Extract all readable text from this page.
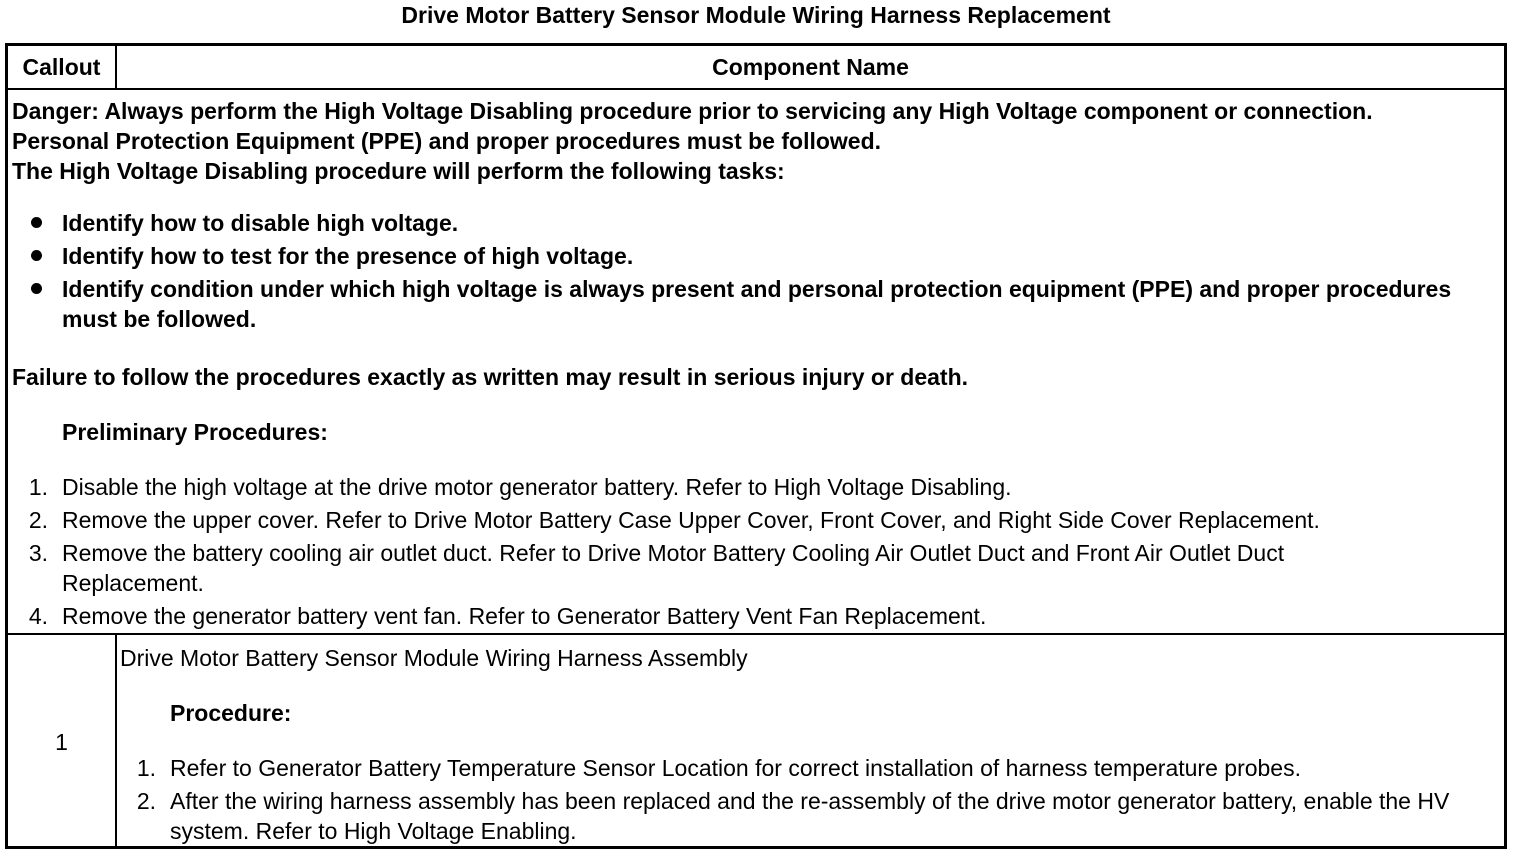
Drive Motor Battery Sensor Module Wiring Harness Replacement
Callout	Component Name
Danger: Always perform the High Voltage Disabling procedure prior to servicing any High Voltage component or connection.
Personal Protection Equipment (PPE) and proper procedures must be followed.
The High Voltage Disabling procedure will perform the following tasks:
Identify how to disable high voltage.
Identify how to test for the presence of high voltage.
Identify condition under which high voltage is always present and personal protection equipment (PPE) and proper procedures must be followed.
Failure to follow the procedures exactly as written may result in serious injury or death.
Preliminary Procedures:
1. Disable the high voltage at the drive motor generator battery. Refer to High Voltage Disabling.
2. Remove the upper cover. Refer to Drive Motor Battery Case Upper Cover, Front Cover, and Right Side Cover Replacement.
3. Remove the battery cooling air outlet duct. Refer to Drive Motor Battery Cooling Air Outlet Duct and Front Air Outlet Duct Replacement.
4. Remove the generator battery vent fan. Refer to Generator Battery Vent Fan Replacement.
1
Drive Motor Battery Sensor Module Wiring Harness Assembly
Procedure:
1. Refer to Generator Battery Temperature Sensor Location for correct installation of harness temperature probes.
2. After the wiring harness assembly has been replaced and the re-assembly of the drive motor generator battery, enable the HV system. Refer to High Voltage Enabling.
